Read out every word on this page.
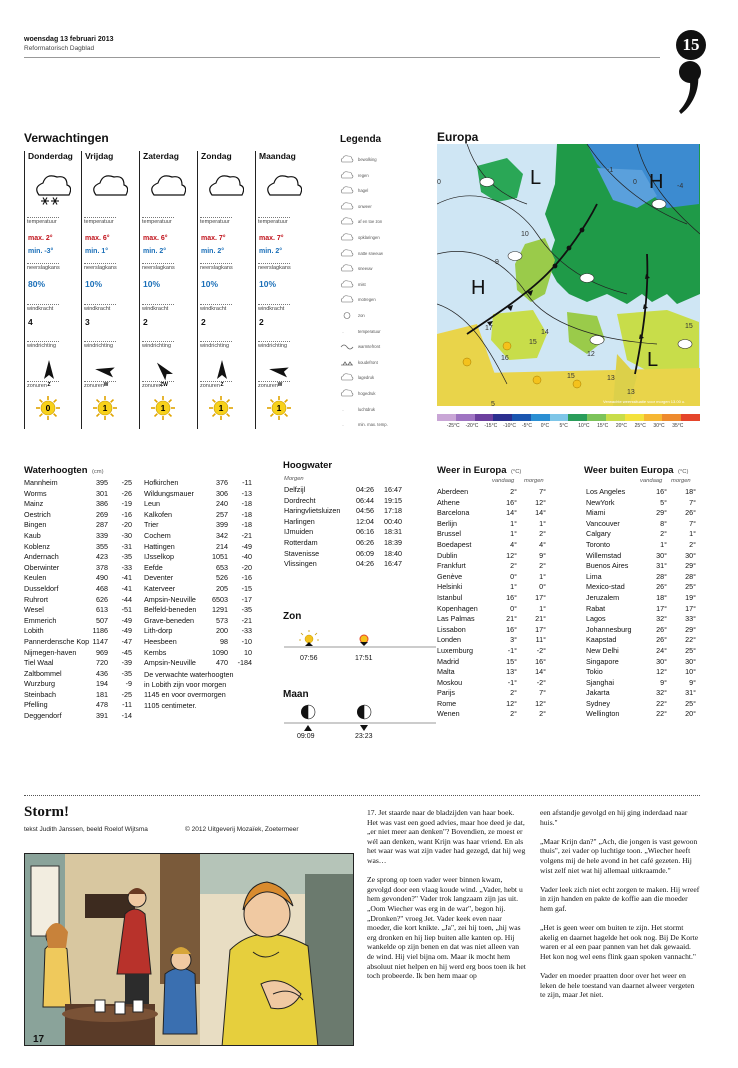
woensdag 13 februari 2013
Reformatorisch Dagblad	15
Verwachtingen
Donderdag
temperatuur
max. 2°
min. -3°
neerslagkans
80%
windkracht
4
windrichting
Z
zonuren
0
Vrijdag
temperatuur
max. 6°
min. 1°
neerslagkans
10%
windkracht
3
windrichting
W
zonuren
1
Zaterdag
temperatuur
max. 6°
min. 2°
neerslagkans
10%
windkracht
2
windrichting
ZW
zonuren
1
Zondag
temperatuur
max. 7°
min. 2°
neerslagkans
10%
windkracht
2
windrichting
Z
zonuren
1
Maandag
temperatuur
max. 7°
min. 2°
neerslagkans
10%
windkracht
2
windrichting
W
zonuren
1
Legenda
bewolking
regen
hagel
onweer
af en toe zon
opklaringen
natte sneeuw
sneeuw
mist
motregen
zon
..	temperatuur
warmtefront
koudefront
lagedruk
hogedruk
..	luchtdruk
..	min. max. temp.
Europa
L	H
H
L
-4
0
-1
0
9
10
15
16
17
14
15
12
13
13
15
5	Verwachte weerssituatie voor morgen 13.00 u.
-25°C -20°C -15°C -10°C -5°C 0°C 5°C 10°C 15°C 20°C 25°C 30°C 35°C
Waterhoogten (cm)
Mannheim	395 -25
Worms	301 -26
Mainz	386 -19
Oestrich	269 -16
Bingen	287 -20
Kaub	339 -30
Koblenz	355 -31
Andernach	423 -35
Oberwinter	378 -33
Keulen	490 -41
Dusseldorf	468 -41
Ruhrort	626 -44
Wesel	613 -51
Emmerich	507 -49
Lobith	1186 -49
Pannerdensche Kop 1147 -47
Nijmegen-haven	969 -45
Tiel Waal	720 -39
Zaltbommel	436 -35
Wurzburg	194 -9
Steinbach	181 -25
Pfelling	478 -11
Deggendorf	391 -14
Hofkirchen	376 -11
Wildungsmauer	306 -13
Leun	240 -18
Kalkofen	257 -18
Trier	399 -18
Cochem	342 -21
Hattingen	214 -49
IJsselkop	1051 -40
Eefde	653 -20
Deventer	526 -16
Katerveer	205 -15
Ampsin-Neuville 6503 -17
Belfeld-beneden 1291 -35
Grave-beneden	573 -21
Lith-dorp	200 -33
Heesbeen	98 -10
Kembs	1090 10
Ampsin-Neuville	470 -184
De verwachte waterhoogten
in Lobith zijn voor morgen
1145 en voor overmorgen
1105 centimeter.
Hoogwater
Morgen
Delfzijl	04:26 16:47
Dordrecht	06:44 19:15
Haringvlietsluizen 04:56 17:18
Harlingen	12:04 00:40
IJmuiden	06:16 18:31
Rotterdam	06:26 18:39
Stavenisse	06:09 18:40
Vlissingen	04:26 16:47
Zon
07:56	17:51
Maan
09:09	23:23
Weer in Europa (°C)
vandaag morgen
Aberdeen	2°	7°
Athene	16°	12°
Barcelona	14°	14°
Berlijn	1°	1°
Brussel	1°	2°
Boedapest	4°	4°
Dublin	12°	9°
Frankfurt	2°	2°
Genève	0°	1°
Helsinki	1°	0°
Istanbul	16°	17°
Kopenhagen	0°	1°
Las Palmas	21°	21°
Lissabon	16°	17°
Londen	3°	11°
Luxemburg	-1°	-2°
Madrid	15°	16°
Malta	13°	14°
Moskou	-1°	-2°
Parijs	2°	7°
Rome	12°	12°
Wenen	2°	2°
Weer buiten Europa (°C)
vandaag morgen
Los Angeles	16°	18°
NewYork	5°	7°
Miami	29°	26°
Vancouver	8°	7°
Calgary	2°	1°
Toronto	1°	2°
Willemstad	30°	30°
Buenos Aires	31°	29°
Lima	28°	28°
Mexico-stad	26°	25°
Jeruzalem	18°	19°
Rabat	17°	17°
Lagos	32°	33°
Johannesburg	26°	29°
Kaapstad	26°	22°
New Delhi	24°	25°
Singapore	30°	30°
Tokio	12°	10°
Sjanghai	9°	9°
Jakarta	32°	31°
Sydney	22°	25°
Wellington	22°	20°
Storm!
tekst Judith Janssen, beeld Roelof Wijtsma	© 2012 Uitgeverij Mozaïek, Zoetermeer
17

17. Jet staarde naar de bladzijden van haar boek. Het was vast een goed advies, maar hoe deed je dat, „er niet meer aan denken"? Bovendien, ze moest er wél aan denken, want Krijn was haar vriend. En als het waar was wat zijn vader had gezegd, dat hij weg was…

Ze sprong op toen vader weer binnen kwam, gevolgd door een vlaag koude wind. „Vader, hebt u hem gevonden?" Vader trok langzaam zijn jas uit. „Oom Wiecher was erg in de war", begon hij. „Dronken?" vroeg Jet. Vader keek even naar moeder, die kort knikte. „Ja", zei hij toen, „hij was erg dronken en hij liep buiten alle kanten op. Hij wankelde op zijn benen en dat was niet alleen van de wind. Hij viel bijna om. Maar ik mocht hem absoluut niet helpen en hij werd erg boos toen ik het toch probeerde. Ik ben hem maar op

een afstandje gevolgd en hij ging inderdaad naar huis."

„Maar Krijn dan?" „Ach, die jongen is vast gewoon thuis", zei vader op luchtige toon. „Wiecher heeft volgens mij de hele avond in het café gezeten. Hij wist zelf niet wat hij allemaal uitkraamde."

Vader leek zich niet echt zorgen te maken. Hij wreef in zijn handen en pakte de koffie aan die moeder hem gaf.

„Het is geen weer om buiten te zijn. Het stormt akelig en daarnet hagelde het ook nog. Bij De Korte waren er al een paar pannen van het dak gewaaid. Het kon nog wel eens flink gaan spoken vannacht."

Vader en moeder praatten door over het weer en leken de hele toestand van daarnet alweer vergeten te zijn, maar Jet niet.
